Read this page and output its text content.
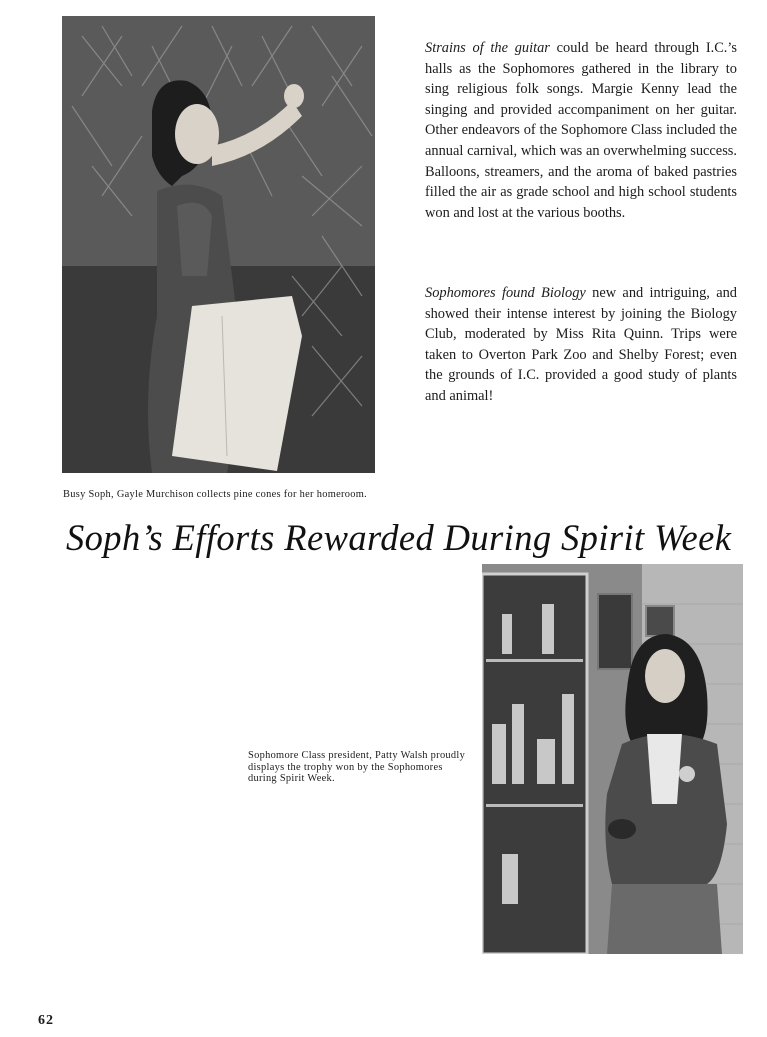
Strains of the guitar could be heard through I.C.’s halls as the Sophomores gathered in the library to sing religious folk songs. Margie Kenny lead the singing and provided accompaniment on her guitar. Other endeavors of the Sophomore Class included the annual carnival, which was an overwhelming success. Balloons, streamers, and the aroma of baked pastries filled the air as grade school and high school students won and lost at the various booths.

Sophomores found Biology new and intriguing, and showed their intense interest by joining the Biology Club, moderated by Miss Rita Quinn. Trips were taken to Overton Park Zoo and Shelby Forest; even the grounds of I.C. provided a good study of plants and animal!

Busy Soph, Gayle Murchison collects pine cones for her homeroom.

Soph’s Efforts Rewarded During Spirit Week

Sophomore Class president, Patty Walsh proudly displays the trophy won by the Sophomores during Spirit Week.

62
